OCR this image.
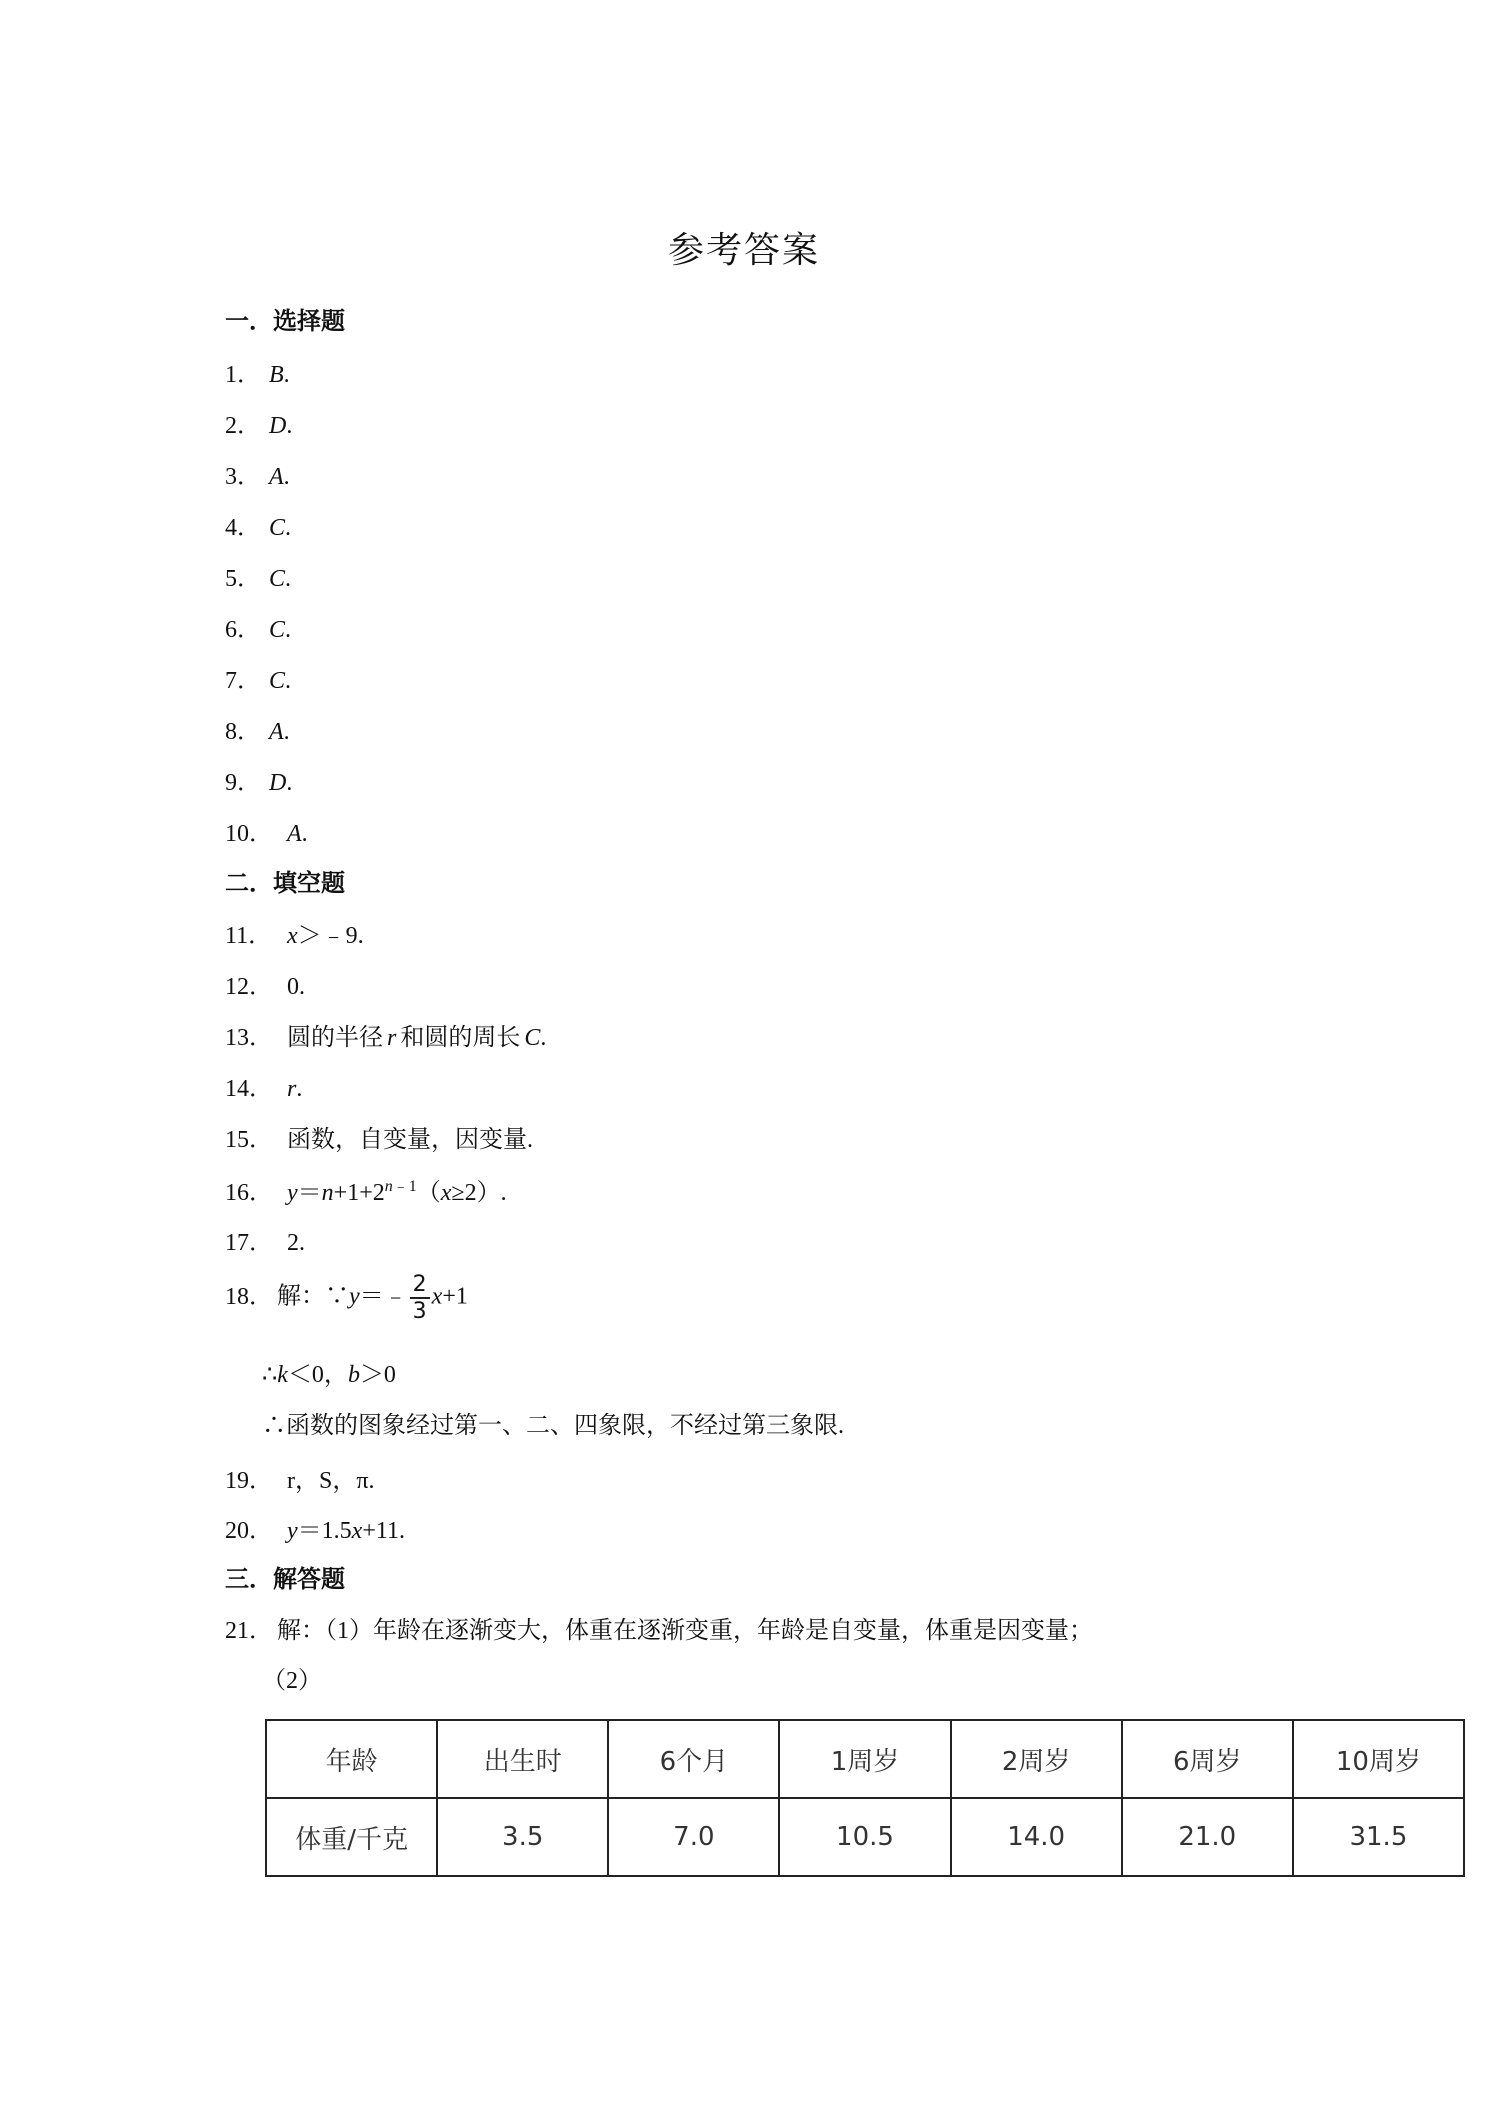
参考答案
一．选择题
1． B.
2． D.
3． A.
4． C.
5． C.
6． C.
7． C.
8． A.
9． D.
10． A.
二．填空题
11． x＞﹣9.
12． 0.
13． 圆的半径 r 和圆的周长 C.
14． r.
15． 函数，自变量，因变量.
16． $y=n+1+2^{n﹣1}(x\ge 2)$.
17． 2.
18． 解：∵y＝﹣ $\frac{2}{3} x+1$
∴k＜0，b＞0
∴函数的图象经过第一、二、四象限，不经过第三象限.
19． r，S，π.
20． y＝1.5x+11.
三．解答题
21． 解：（1）年龄在逐渐变大，体重在逐渐变重，年龄是自变量，体重是因变量；
（2）
年龄	出生时	6个月	1周岁	2周岁	6周岁	10周岁
体重/千克	3.5	7.0	10.5	14.0	21.0	31.5
